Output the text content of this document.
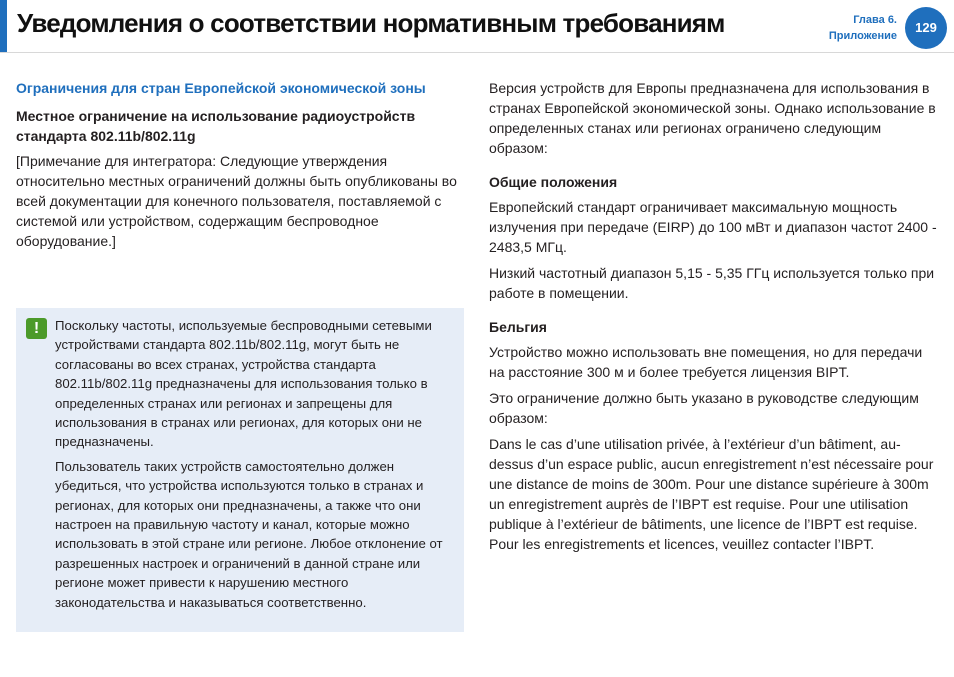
Уведомления о соответствии нормативным требованиям	Глава 6.
Приложение
129

Ограничения для стран Европейской экономической зоны

Местное ограничение на использование радиоустройств стандарта 802.11b/802.11g

[Примечание для интегратора: Следующие утверждения относительно местных ограничений должны быть опубликованы во всей документации для конечного пользователя, поставляемой с системой или устройством, содержащим беспроводное оборудование.]

!	Поскольку частоты, используемые беспроводными сетевыми устройствами стандарта 802.11b/802.11g, могут быть не согласованы во всех странах, устройства стандарта 802.11b/802.11g предназначены для использования только в определенных странах или регионах и запрещены для использования в странах или регионах, для которых они не предназначены.

Пользователь таких устройств самостоятельно должен убедиться, что устройства используются только в странах и регионах, для которых они предназначены, а также что они настроен на правильную частоту и канал, которые можно использовать в этой стране или регионе. Любое отклонение от разрешенных настроек и ограничений в данной стране или регионе может привести к нарушению местного законодательства и наказываться соответственно.

Версия устройств для Европы предназначена для использования в странах Европейской экономической зоны. Однако использование в определенных станах или регионах ограничено следующим образом:

Общие положения

Европейский стандарт ограничивает максимальную мощность излучения при передаче (EIRP) до 100 мВт и диапазон частот 2400 - 2483,5 МГц.

Низкий частотный диапазон 5,15 - 5,35 ГГц используется только при работе в помещении.

Бельгия

Устройство можно использовать вне помещения, но для передачи на расстояние 300 м и более требуется лицензия BIPT.

Это ограничение должно быть указано в руководстве следующим образом:

Dans le cas d’une utilisation privée, à l’extérieur d’un bâtiment, au-dessus d’un espace public, aucun enregistrement n’est nécessaire pour une distance de moins de 300m. Pour une distance supérieure à 300m un enregistrement auprès de l’IBPT est requise. Pour une utilisation publique à l’extérieur de bâtiments, une licence de l’IBPT est requise. Pour les enregistrements et licences, veuillez contacter l’IBPT.
